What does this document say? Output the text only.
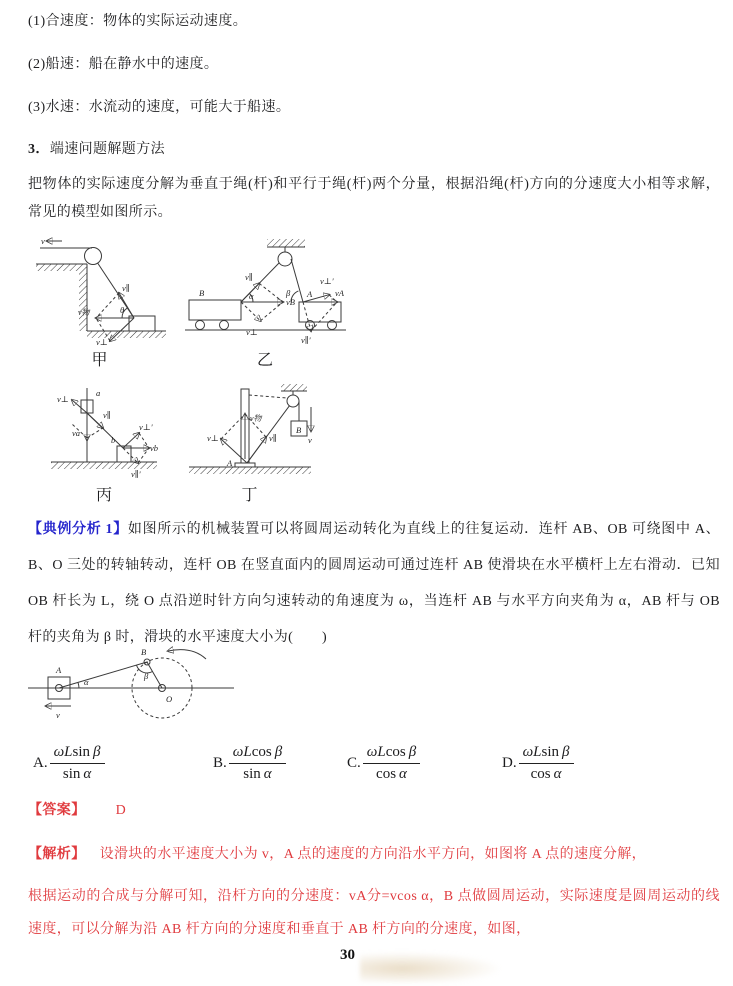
(1)合速度：物体的实际运动速度。

(2)船速：船在静水中的速度。

(3)水速：水流动的速度，可能大于船速。

3．端速问题解题方法

把物体的实际速度分解为垂直于绳(杆)和平行于绳(杆)两个分量，根据沿绳(杆)方向的分速度大小相等求解，常见的模型如图所示。

v
v∥
θ
v物
v⊥
B
v∥
α
vB
v⊥
β A
v⊥′
vA
v∥′

甲	乙

a
v⊥
v∥
va
b
v⊥′
vb
v∥′
v物
v⊥	v∥
A
B
v

丙	丁

【典例分析 1】如图所示的机械装置可以将圆周运动转化为直线上的往复运动．连杆 AB、OB 可绕图中 A、B、O 三处的转轴转动，连杆 OB 在竖直面内的圆周运动可通过连杆 AB 使滑块在水平横杆上左右滑动．已知 OB 杆长为 L，绕 O 点沿逆时针方向匀速转动的角速度为 ω，当连杆 AB 与水平方向夹角为 α，AB 杆与 OB 杆的夹角为 β 时，滑块的水平速度大小为(　　)

A
B
O
α
β
v
A. $\frac{\text{ωLsin β}}{\text{sin α}}$	B. $\frac{\text{ωLcos β}}{\text{sin α}}$	C. $\frac{\text{ωLcos β}}{\text{cos α}}$	D. $\frac{\text{ωLsin β}}{\text{cos α}}$

【答案】 D

【解析】 设滑块的水平速度大小为 v，A 点的速度的方向沿水平方向，如图将 A 点的速度分解，

根据运动的合成与分解可知，沿杆方向的分速度：vA分=vcos α，B 点做圆周运动，实际速度是圆周运动的线速度，可以分解为沿 AB 杆方向的分速度和垂直于 AB 杆方向的分速度，如图，

30
